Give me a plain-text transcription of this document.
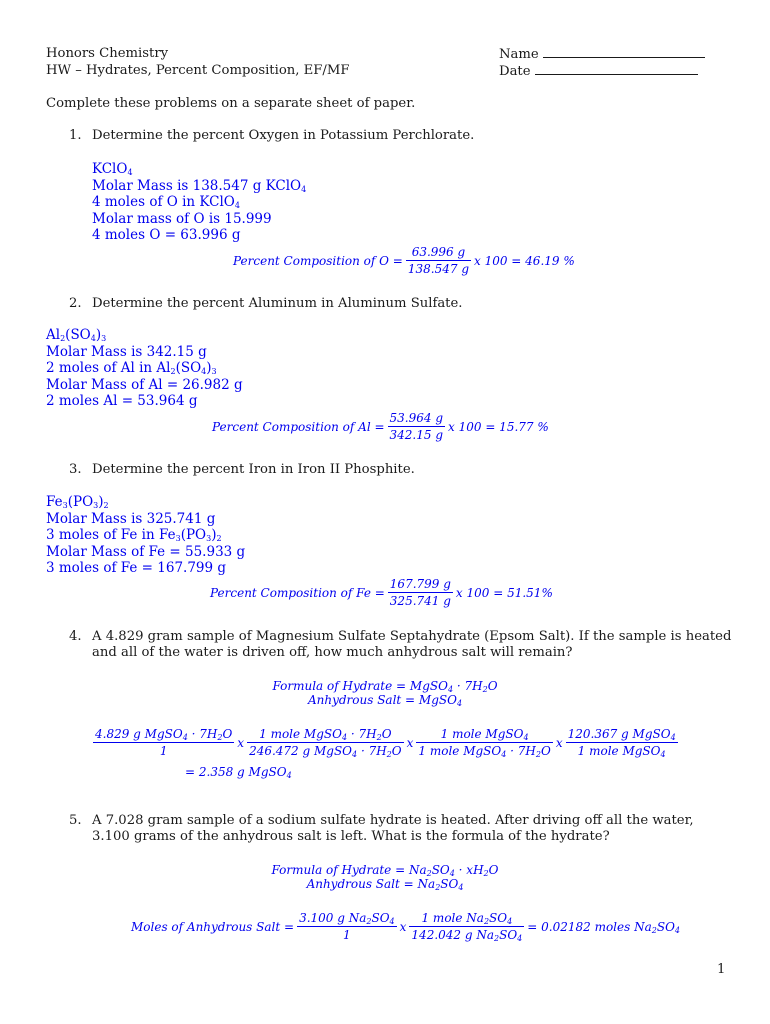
Honors Chemistry
HW – Hydrates, Percent Composition, EF/MF
Name
Date
Complete these problems on a separate sheet of paper.
1. Determine the percent Oxygen in Potassium Perchlorate.
KClO$_4$
Molar Mass is 138.547 g KClO$_4$
4 moles of O in KClO$_4$
Molar mass of O is 15.999
4 moles O = 63.996 g
Percent Composition of $O = \frac{63.996 g}{138.547 g}$ x 100 = 46.19 %
2. Determine the percent Aluminum in Aluminum Sulfate.
$Al_2(SO_4)_3$
Molar Mass is 342.15 g
2 moles of Al in $Al_2(SO_4)_3$
Molar Mass of Al = 26.982 g
2 moles Al = 53.964 g
Percent Composition of $Al = \frac{53.964 g}{342.15 g}$ x 100 = 15.77 %
3. Determine the percent Iron in Iron II Phosphite.
$Fe_3(PO_3)_2$
Molar Mass is 325.741 g
3 moles of Fe in $Fe_3(PO_3)_2$
Molar Mass of Fe = 55.933 g
3 moles of Fe = 167.799 g
Percent Composition of $Fe = \frac{167.799 g}{325.741 g}$ x 100 = 51.51%
4. A 4.829 gram sample of Magnesium Sulfate Septahydrate (Epsom Salt). If the sample is heated
and all of the water is driven off, how much anhydrous salt will remain?
Formula of Hydrate = MgSO$_4$ · $7H_2O$
Anhydrous Salt = MgSO$_4$
$\frac{4.829 g MgSO_4 \cdot 7H_2O}{1}$ x $\frac{1 mole MgSO_4 \cdot 7H_2O}{246.472 g MgSO_4 \cdot 7H_2O}$ x $\frac{1 mole MgSO_4}{1 mole MgSO_4 \cdot 7H_2O}$ x $\frac{120.367 g MgSO_4}{1 mole MgSO_4}$
= 2.358 g MgSO$_4$
5. A 7.028 gram sample of a sodium sulfate hydrate is heated. After driving off all the water,
3.100 grams of the anhydrous salt is left. What is the formula of the hydrate?
Formula of Hydrate = $Na_2SO_4 \cdot xH_2O$
Anhydrous Salt = $Na_2SO_4$
Moles of Anhydrous Salt = $\frac{3.100 g Na_2SO_4}{1}$ x $\frac{1 mole Na_2SO_4}{142.042 g Na_2SO_4} = 0.02182$ moles $Na_2SO_4$
1
